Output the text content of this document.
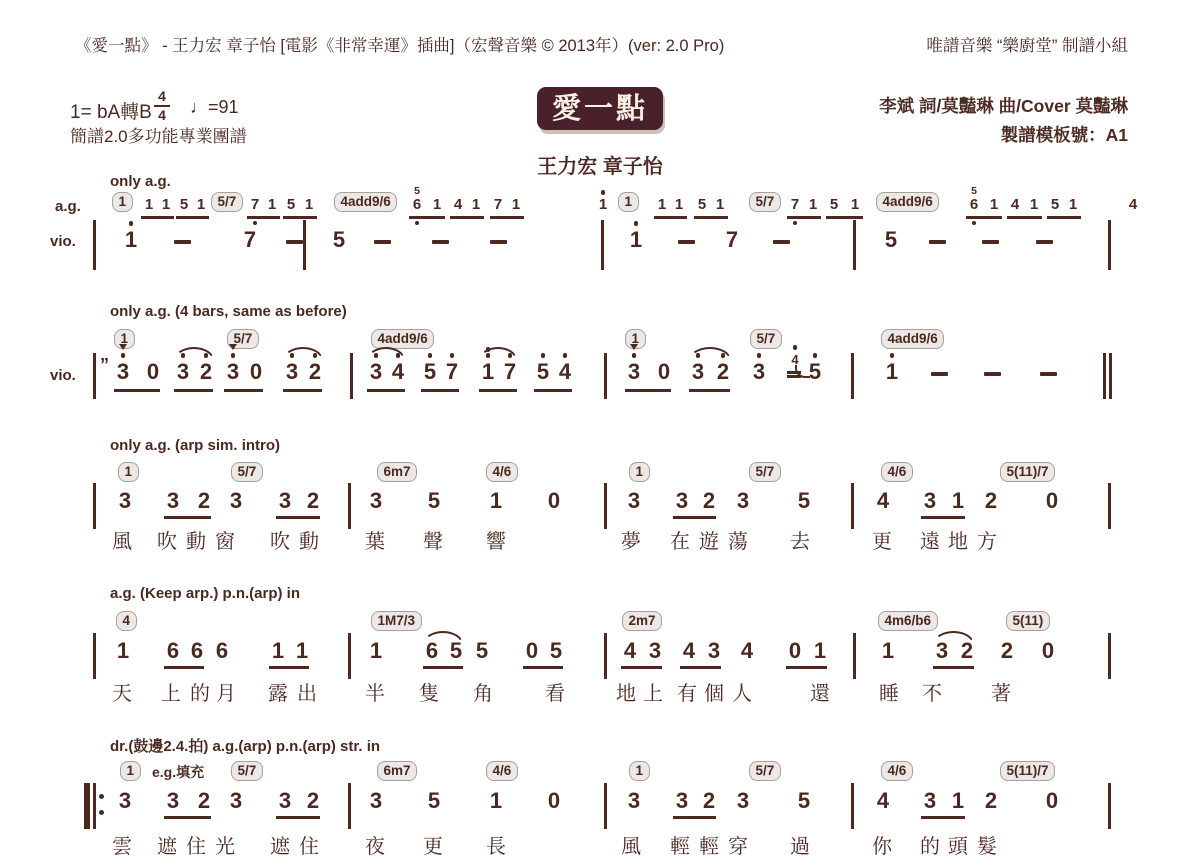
《愛一點》 - 王力宏 章子怡 [電影《非常幸運》插曲]（宏聲音樂 © 2013年）(ver: 2.0 Pro)	唯譜音樂 “樂廚堂” 制譜小組
1= bA轉B
4
4 ♩=91
簡譜2.0多功能專業團譜
愛一點
王力宏 章子怡
李斌 詞/莫豔琳 曲/Cover 莫豔琳
製譜模板號：A1
only a.g.
a.g.
vio.
1	5/7	4add9/6	1	5/7	4add9/6
1 1 5 1	7 1 5 1
5
6 1 4 1 7 1	1	1 1 5 1	7 1 5 1
5
6 1 4 1 5 1	4
1	7	5	1	7	5
only a.g. (4 bars, same as before)
vio.
1	5/7	4add9/6	1	5/7	4add9/6
” 3 0 3 2 3 0 3 2 3 4 5 7 1 7 5 4	3 0 3 2 3 4 5	1
only a.g. (arp sim. intro)
1	5/7	6m7	4/6	1	5/7	4/6	5(11)/7
3 3 2 3 3 2 3 5 1 0	3 3 2 3 5	4 3 1 2 0
風 吹 動 窗 吹 動 葉 聲 響	夢 在 遊 蕩 去	更 遠 地 方
a.g. (Keep arp.) p.n.(arp) in
4	1M7/3	2m7	4m6/b6	5(11)
1 6 6 6 1 1	1 6 5 5 0 5	4 3 4 3 4 0 1	1 3 2 2 0
天 上 的 月 露 出 半 隻 角	看	地 上 有 個 人	還 睡 不 著
dr.(鼓邊2.4.拍) a.g.(arp) p.n.(arp) str. in
1	e.g.填充	5/7	6m7	4/6	1	5/7	4/6	5(11)/7
3 3 2 3 3 2 3 5 1 0	3 3 2 3 5	4 3 1 2 0
雲 遮 住 光 遮 住 夜 更 長	風 輕 輕 穿 過	你 的 頭 髮
